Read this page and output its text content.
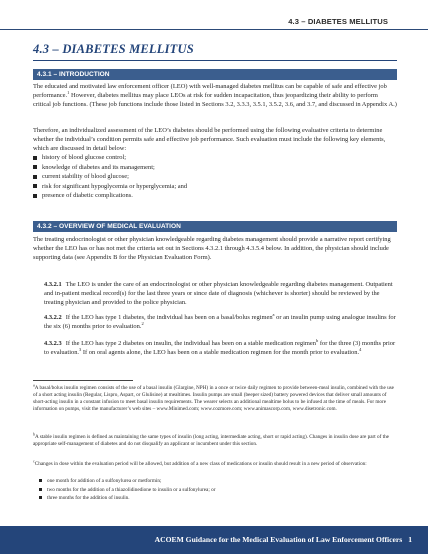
4.3 – DIABETES MELLITUS
4.3 – DIABETES MELLITUS
4.3.1 – INTRODUCTION
The educated and motivated law enforcement officer (LEO) with well-managed diabetes mellitus can be capable of safe and effective job performance.$^1$ However, diabetes mellitus may place LEOs at risk for sudden incapacitation, thus jeopardizing their ability to perform critical job functions. (These job functions include those listed in Sections 3.2, 3.3.3, 3.5.1, 3.5.2, 3.6, and 3.7, and discussed in Appendix A.)
Therefore, an individualized assessment of the LEO’s diabetes should be performed using the following evaluative criteria to determine whether the individual’s condition permits safe and effective job performance. Such evaluation must include the following key elements, which are discussed in detail below:
history of blood glucose control;
knowledge of diabetes and its management;
current stability of blood glucose;
risk for significant hypoglycemia or hyperglycemia; and
presence of diabetic complications.
4.3.2 – OVERVIEW OF MEDICAL EVALUATION
The treating endocrinologist or other physician knowledgeable regarding diabetes management should provide a narrative report certifying whether the LEO has or has not met the criteria set out in Sections 4.3.2.1 through 4.3.5.4 below. In addition, the physician should include supporting data (see Appendix B for the Physician Evaluation Form).
4.3.2.1 The LEO is under the care of an endocrinologist or other physician knowledgeable regarding diabetes management. Outpatient and in-patient medical record(s) for the last three years or since date of diagnosis (whichever is shorter) should be reviewed by the treating physician and provided to the police physician.
4.3.2.2 If the LEO has type 1 diabetes, the individual has been on a basal/bolus regimen$^a$ or an insulin pump using analogue insulins for the six (6) months prior to evaluation.$^2$
4.3.2.3 If the LEO has type 2 diabetes on insulin, the individual has been on a stable medication regimen$^b$ for the three (3) months prior to evaluation.$^3$ If on oral agents alone, the LEO has been on a stable medication regimen for the month prior to evaluation.$^4$
$^a$A basal/bolus insulin regimen consists of the use of a basal insulin (Glargine, NPH) in a once or twice daily regimen to provide between-meal insulin, combined with the use of a short acting insulin (Regular, Lispro, Aspart, or Glulisine) at mealtimes. Insulin pumps are small (beeper sized) battery powered devices that deliver small amounts of short-acting insulin in a constant infusion to meet basal insulin requirements. The wearer selects an additional mealtime bolus to be infused at the time of meals. For more information on pumps, visit the manufacturer’s web sites – www.Minimed.com; www.cozmore.com; www.animascorp.com, www.disetronic.com.
$^b$A stable insulin regimen is defined as maintaining the same types of insulin (long acting, intermediate acting, short or rapid acting). Changes in insulin dose are part of the appropriate self-management of diabetes and do not disqualify an applicant or incumbent under this section.
$^c$Changes in dose within the evaluation period will be allowed, but addition of a new class of medications or insulin should result in a new period of observation:
one month for addition of a sulfonylurea or metformin;
two months for the addition of a thiazolidinedione to insulin or a sulfonylurea; or
three months for the addition of insulin.
ACOEM Guidance for the Medical Evaluation of Law Enforcement Officers 1
